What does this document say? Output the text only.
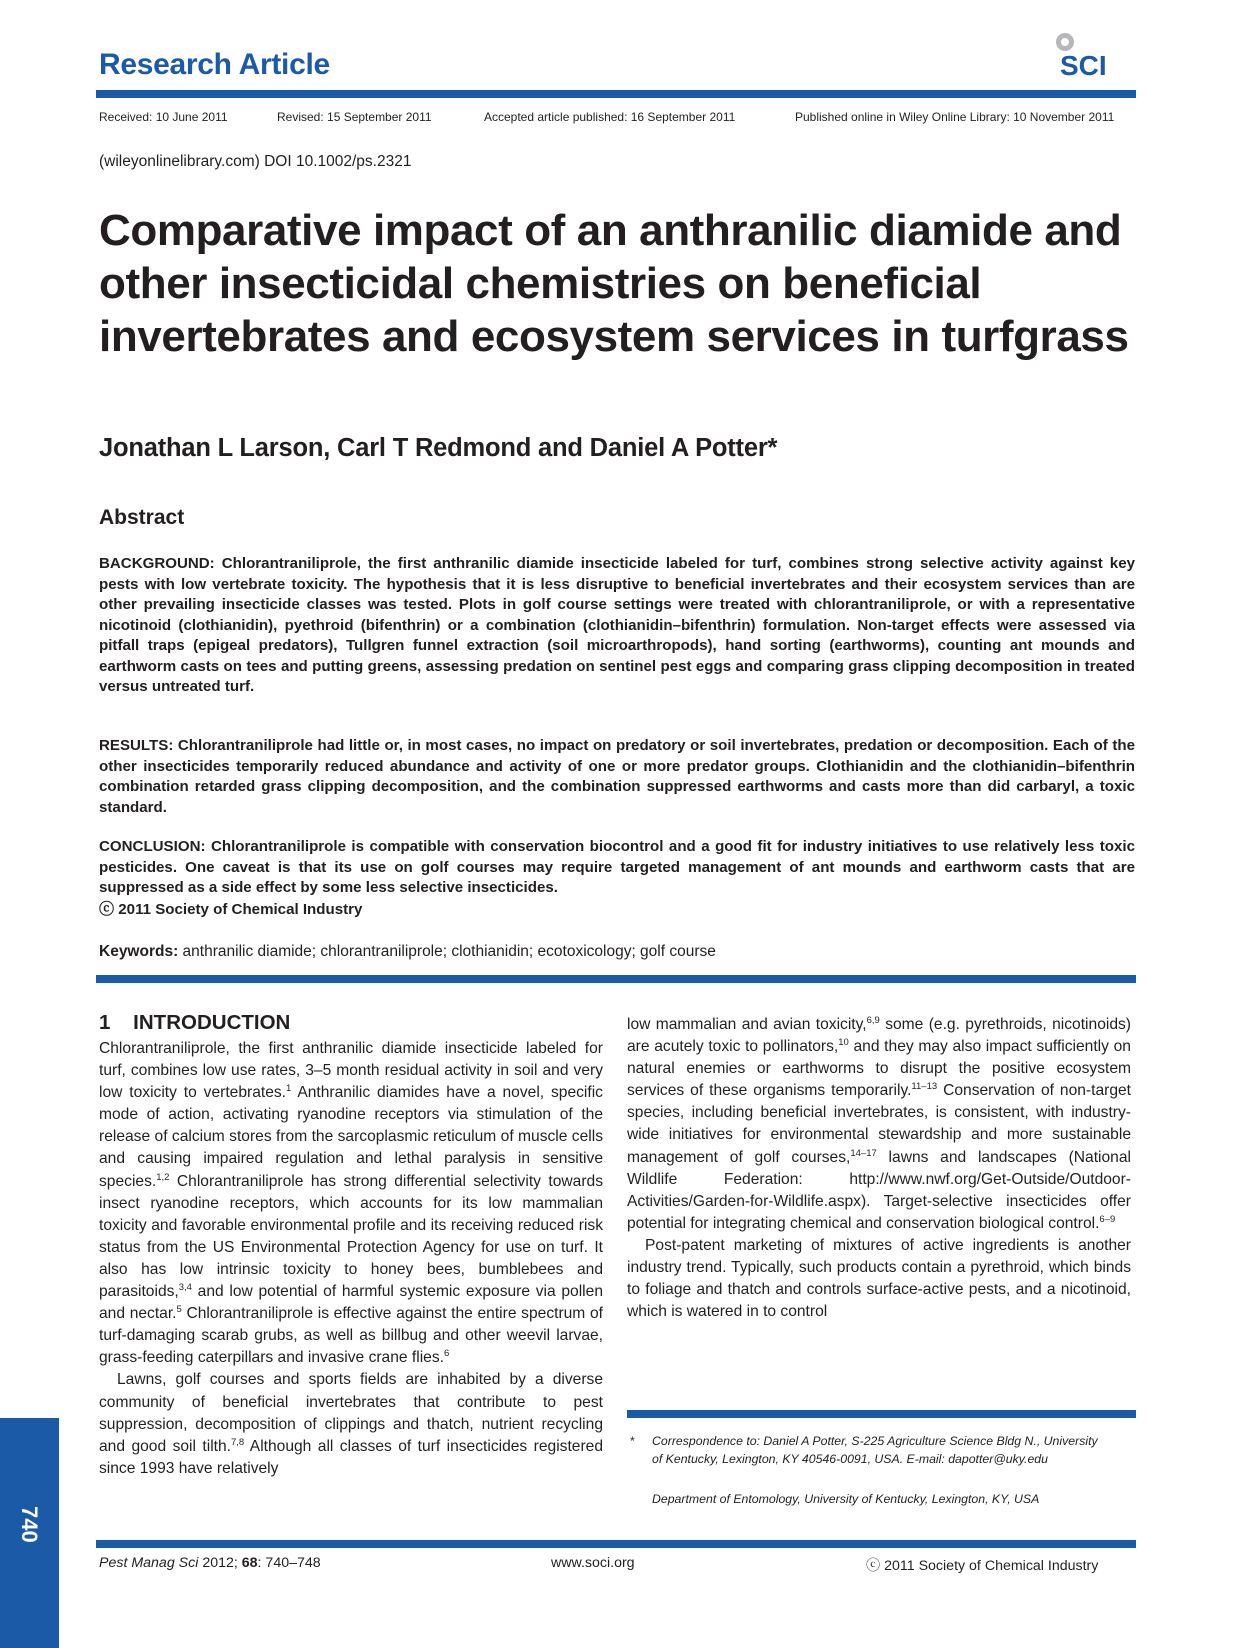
Research Article	SCI
Received: 10 June 2011	Revised: 15 September 2011	Accepted article published: 16 September 2011	Published online in Wiley Online Library: 10 November 2011
(wileyonlinelibrary.com) DOI 10.1002/ps.2321
Comparative impact of an anthranilic diamide and other insecticidal chemistries on beneficial invertebrates and ecosystem services in turfgrass
Jonathan L Larson, Carl T Redmond and Daniel A Potter*
Abstract

BACKGROUND: Chlorantraniliprole, the first anthranilic diamide insecticide labeled for turf, combines strong selective activity against key pests with low vertebrate toxicity. The hypothesis that it is less disruptive to beneficial invertebrates and their ecosystem services than are other prevailing insecticide classes was tested. Plots in golf course settings were treated with chlorantraniliprole, or with a representative nicotinoid (clothianidin), pyethroid (bifenthrin) or a combination (clothianidin–bifenthrin) formulation. Non-target effects were assessed via pitfall traps (epigeal predators), Tullgren funnel extraction (soil microarthropods), hand sorting (earthworms), counting ant mounds and earthworm casts on tees and putting greens, assessing predation on sentinel pest eggs and comparing grass clipping decomposition in treated versus untreated turf.

RESULTS: Chlorantraniliprole had little or, in most cases, no impact on predatory or soil invertebrates, predation or decomposition. Each of the other insecticides temporarily reduced abundance and activity of one or more predator groups. Clothianidin and the clothianidin–bifenthrin combination retarded grass clipping decomposition, and the combination suppressed earthworms and casts more than did carbaryl, a toxic standard.

CONCLUSION: Chlorantraniliprole is compatible with conservation biocontrol and a good fit for industry initiatives to use relatively less toxic pesticides. One caveat is that its use on golf courses may require targeted management of ant mounds and earthworm casts that are suppressed as a side effect by some less selective insecticides.

ⓒ 2011 Society of Chemical Industry
Keywords: anthranilic diamide; chlorantraniliprole; clothianidin; ecotoxicology; golf course
1    INTRODUCTION

Chlorantraniliprole, the first anthranilic diamide insecticide labeled for turf, combines low use rates, 3–5 month residual activity in soil and very low toxicity to vertebrates.$^1$ Anthranilic diamides have a novel, specific mode of action, activating ryanodine receptors via stimulation of the release of calcium stores from the sarcoplasmic reticulum of muscle cells and causing impaired regulation and lethal paralysis in sensitive species.$^{1,2}$ Chlorantraniliprole has strong differential selectivity towards insect ryanodine receptors, which accounts for its low mammalian toxicity and favorable environmental profile and its receiving reduced risk status from the US Environmental Protection Agency for use on turf. It also has low intrinsic toxicity to honey bees, bumblebees and parasitoids,$^{3,4}$ and low potential of harmful systemic exposure via pollen and nectar.$^5$ Chlorantraniliprole is effective against the entire spectrum of turf-damaging scarab grubs, as well as billbug and other weevil larvae, grass-feeding caterpillars and invasive crane flies.$^6$

Lawns, golf courses and sports fields are inhabited by a diverse community of beneficial invertebrates that contribute to pest suppression, decomposition of clippings and thatch, nutrient recycling and good soil tilth.$^{7,8}$ Although all classes of turf insecticides registered since 1993 have relatively

low mammalian and avian toxicity,$^{6,9}$ some (e.g. pyrethroids, nicotinoids) are acutely toxic to pollinators,$^{10}$ and they may also impact sufficiently on natural enemies or earthworms to disrupt the positive ecosystem services of these organisms temporarily.$^{11-13}$ Conservation of non-target species, including beneficial invertebrates, is consistent, with industry-wide initiatives for environmental stewardship and more sustainable management of golf courses,$^{14-17}$ lawns and landscapes (National Wildlife Federation: http://www.nwf.org/Get-Outside/Outdoor-Activities/Garden-for-Wildlife.aspx). Target-selective insecticides offer potential for integrating chemical and conservation biological control.$^{6-9}$

Post-patent marketing of mixtures of active ingredients is another industry trend. Typically, such products contain a pyrethroid, which binds to foliage and thatch and controls surface-active pests, and a nicotinoid, which is watered in to control

*	Correspondence to: Daniel A Potter, S-225 Agriculture Science Bldg N., University
of Kentucky, Lexington, KY 40546-0091, USA. E-mail: dapotter@uky.edu
Department of Entomology, University of Kentucky, Lexington, KY, USA
740
Pest Manag Sci 2012; 68: 740–748	www.soci.org	ⓒ 2011 Society of Chemical Industry
